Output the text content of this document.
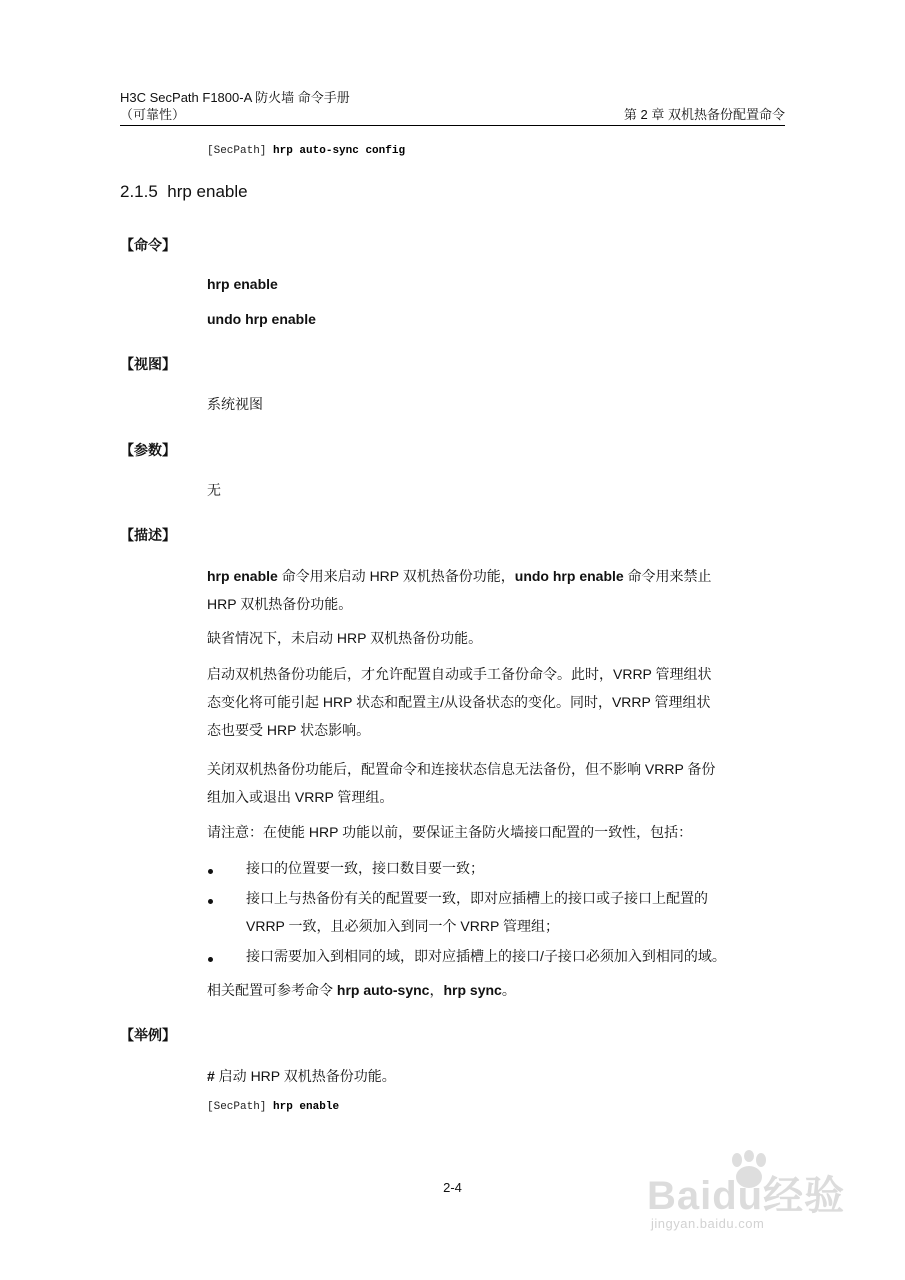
H3C SecPath F1800-A 防火墙 命令手册
（可靠性）	第 2 章 双机热备份配置命令
[SecPath] hrp auto-sync config
2.1.5 hrp enable
【命令】
hrp enable
undo hrp enable
【视图】
系统视图
【参数】
无
【描述】
hrp enable 命令用来启动 HRP 双机热备份功能，undo hrp enable 命令用来禁止
HRP 双机热备份功能。
缺省情况下，未启动 HRP 双机热备份功能。
启动双机热备份功能后，才允许配置自动或手工备份命令。此时，VRRP 管理组状
态变化将可能引起 HRP 状态和配置主/从设备状态的变化。同时，VRRP 管理组状
态也要受 HRP 状态影响。
关闭双机热备份功能后，配置命令和连接状态信息无法备份，但不影响 VRRP 备份
组加入或退出 VRRP 管理组。
请注意：在使能 HRP 功能以前，要保证主备防火墙接口配置的一致性，包括：
接口的位置要一致，接口数目要一致；
接口上与热备份有关的配置要一致，即对应插槽上的接口或子接口上配置的
VRRP 一致，且必须加入到同一个 VRRP 管理组；
接口需要加入到相同的域，即对应插槽上的接口/子接口必须加入到相同的域。
相关配置可参考命令 hrp auto-sync，hrp sync。
【举例】
# 启动 HRP 双机热备份功能。
[SecPath] hrp enable
2-4	Baidu经验
jingyan.baidu.com
